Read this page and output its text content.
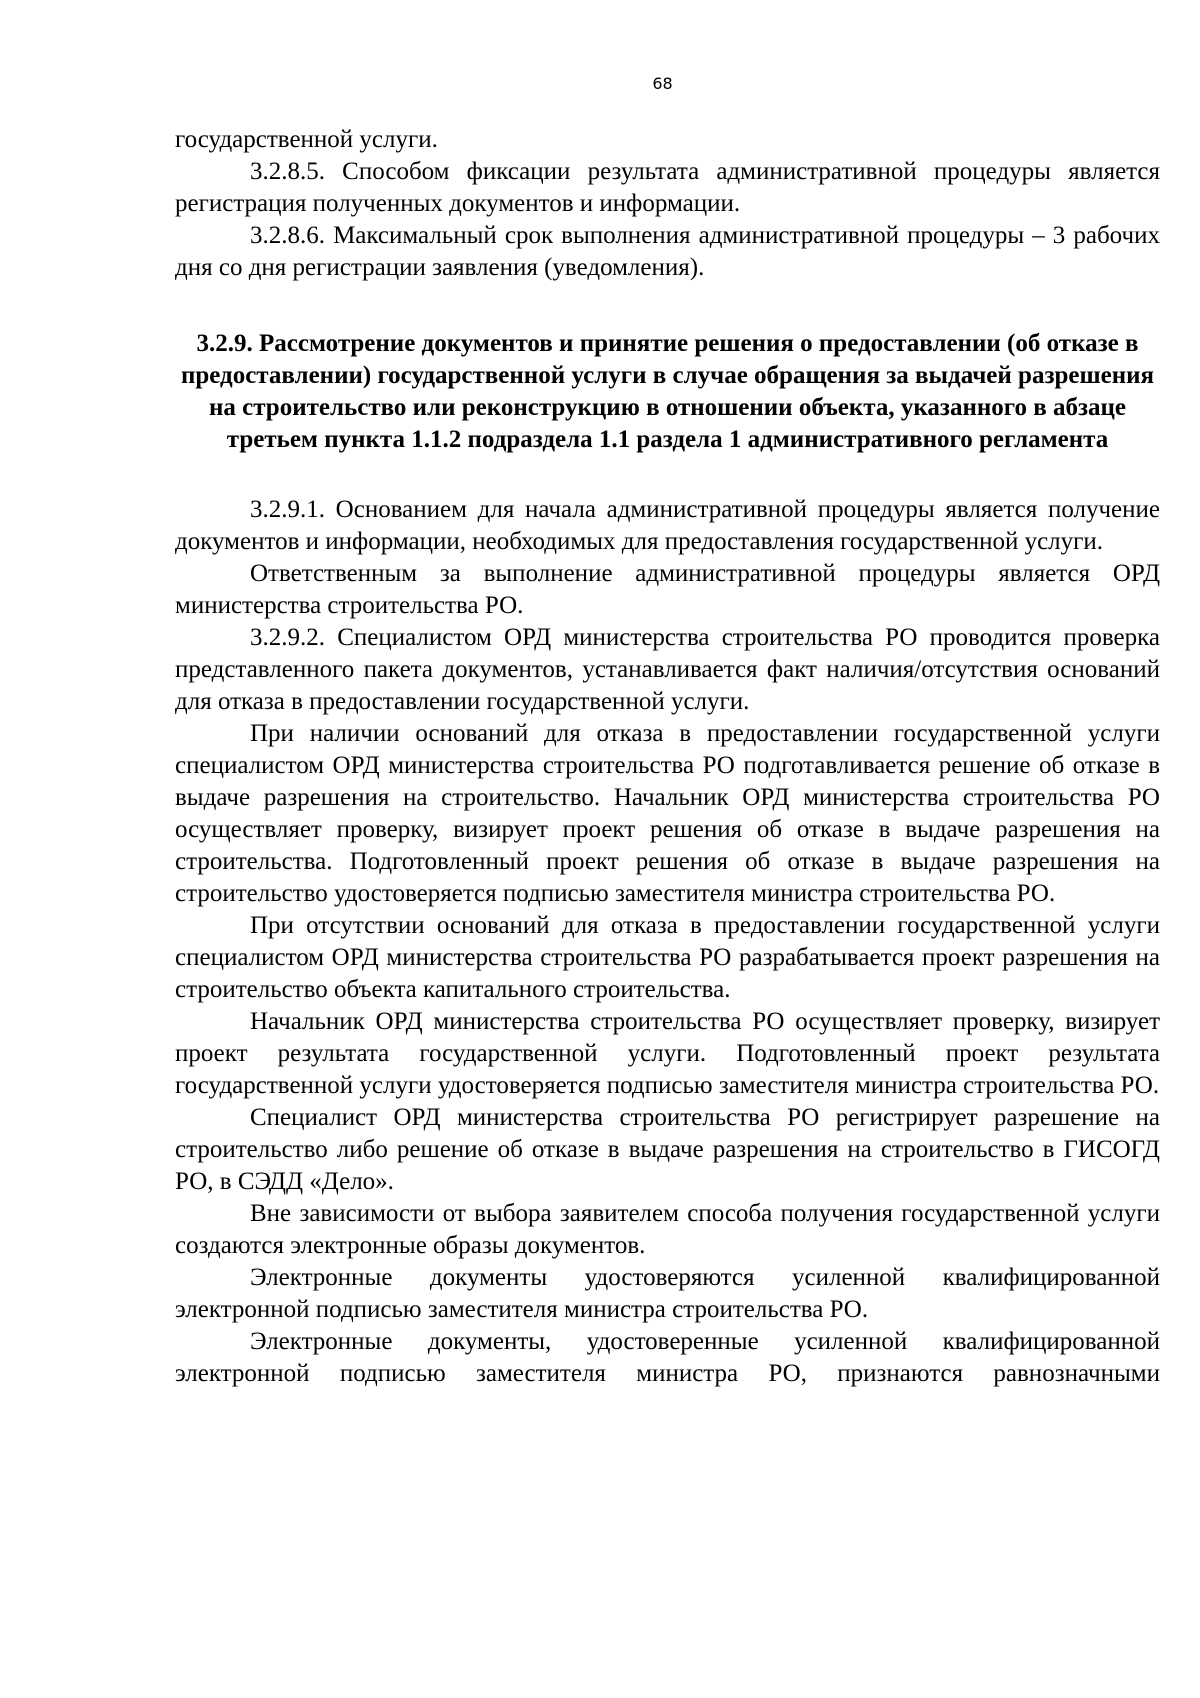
68

государственной услуги.

3.2.8.5. Способом фиксации результата административной процедуры является регистрация полученных документов и информации.

3.2.8.6. Максимальный срок выполнения административной процедуры – 3 рабочих дня со дня регистрации заявления (уведомления).

3.2.9. Рассмотрение документов и принятие решения о предоставлении (об отказе в предоставлении) государственной услуги в случае обращения за выдачей разрешения на строительство или реконструкцию в отношении объекта, указанного в абзаце третьем пункта 1.1.2 подраздела 1.1 раздела 1 административного регламента

3.2.9.1. Основанием для начала административной процедуры является получение документов и информации, необходимых для предоставления государственной услуги.

Ответственным за выполнение административной процедуры является ОРД министерства строительства РО.

3.2.9.2. Специалистом ОРД министерства строительства РО проводится проверка представленного пакета документов, устанавливается факт наличия/отсутствия оснований для отказа в предоставлении государственной услуги.

При наличии оснований для отказа в предоставлении государственной услуги специалистом ОРД министерства строительства РО подготавливается решение об отказе в выдаче разрешения на строительство. Начальник ОРД министерства строительства РО осуществляет проверку, визирует проект решения об отказе в выдаче разрешения на строительства. Подготовленный проект решения об отказе в выдаче разрешения на строительство удостоверяется подписью заместителя министра строительства РО.

При отсутствии оснований для отказа в предоставлении государственной услуги специалистом ОРД министерства строительства РО разрабатывается проект разрешения на строительство объекта капитального строительства.

Начальник ОРД министерства строительства РО осуществляет проверку, визирует проект результата государственной услуги. Подготовленный проект результата государственной услуги удостоверяется подписью заместителя министра строительства РО.

Специалист ОРД министерства строительства РО регистрирует разрешение на строительство либо решение об отказе в выдаче разрешения на строительство в ГИСОГД РО, в СЭДД «Дело».

Вне зависимости от выбора заявителем способа получения государственной услуги создаются электронные образы документов.

Электронные документы удостоверяются усиленной квалифицированной электронной подписью заместителя министра строительства РО.

Электронные документы, удостоверенные усиленной квалифицированной электронной подписью заместителя министра РО, признаются равнозначными
